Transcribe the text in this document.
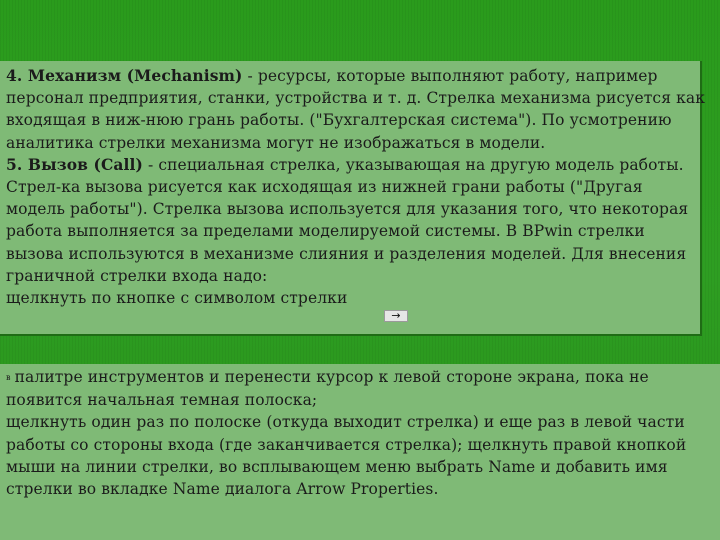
4. Механизм (Mechanism) - ресурсы, которые выполняют работу, например
персонал предприятия, станки, устройства и т. д. Стрелка механизма рисуется как
входящая в ниж-нюю грань работы. ("Бухгалтерская система"). По усмотрению
аналитика стрелки механизма могут не изображаться в модели.
5. Вызов (Call) - специальная стрелка, указывающая на другую модель работы.
Стрел-ка вызова рисуется как исходящая из нижней грани работы ("Другая
модель работы"). Стрелка вызова используется для указания того, что некоторая
работа выполняется за пределами моделируемой системы. В BPwin стрелки
вызова используются в механизме слияния и разделения моделей. Для внесения
граничной стрелки входа надо:
щелкнуть по кнопке с символом стрелки
→
в палитре инструментов и перенести курсор к левой стороне экрана, пока не
появится начальная темная полоска;
щелкнуть один раз по полоске (откуда выходит стрелка) и еще раз в левой части
работы со стороны входа (где заканчивается стрелка); щелкнуть правой кнопкой
мыши на линии стрелки, во всплывающем меню выбрать Name и добавить имя
стрелки во вкладке Name диалога Arrow Properties.
